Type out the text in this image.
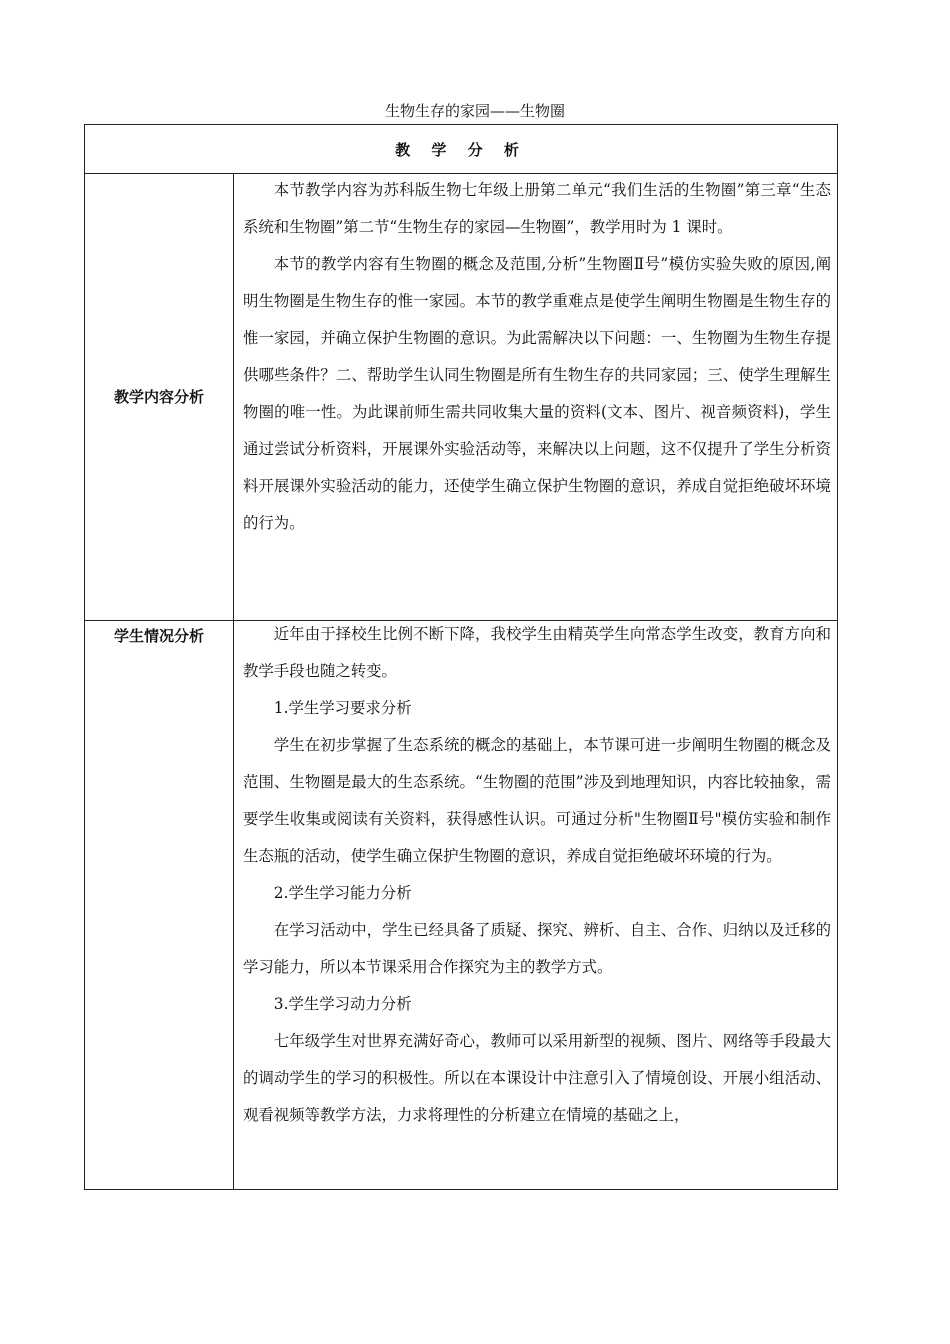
生物生存的家园——生物圈
教 学 分 析
教学内容分析

本节教学内容为苏科版生物七年级上册第二单元“我们生活的生物圈”第三章“生态系统和生物圈”第二节“生物生存的家园—生物圈”，教学用时为 1 课时。

本节的教学内容有生物圈的概念及范围,分析”生物圈Ⅱ号”模仿实验失败的原因,阐明生物圈是生物生存的惟一家园。本节的教学重难点是使学生阐明生物圈是生物生存的惟一家园，并确立保护生物圈的意识。为此需解决以下问题：一、生物圈为生物生存提供哪些条件？二、帮助学生认同生物圈是所有生物生存的共同家园；三、使学生理解生物圈的唯一性。为此课前师生需共同收集大量的资料(文本、图片、视音频资料)，学生通过尝试分析资料，开展课外实验活动等，来解决以上问题，这不仅提升了学生分析资料开展课外实验活动的能力，还使学生确立保护生物圈的意识，养成自觉拒绝破坏环境的行为。

学生情况分析	近年由于择校生比例不断下降，我校学生由精英学生向常态学生改变，教育方向和教学手段也随之转变。

1.学生学习要求分析

学生在初步掌握了生态系统的概念的基础上，本节课可进一步阐明生物圈的概念及范围、生物圈是最大的生态系统。“生物圈的范围”涉及到地理知识，内容比较抽象，需要学生收集或阅读有关资料，获得感性认识。可通过分析"生物圈Ⅱ号"模仿实验和制作生态瓶的活动，使学生确立保护生物圈的意识，养成自觉拒绝破坏环境的行为。

2.学生学习能力分析

在学习活动中，学生已经具备了质疑、探究、辨析、自主、合作、归纳以及迁移的学习能力，所以本节课采用合作探究为主的教学方式。

3.学生学习动力分析

七年级学生对世界充满好奇心，教师可以采用新型的视频、图片、网络等手段最大的调动学生的学习的积极性。所以在本课设计中注意引入了情境创设、开展小组活动、观看视频等教学方法，力求将理性的分析建立在情境的基础之上，
